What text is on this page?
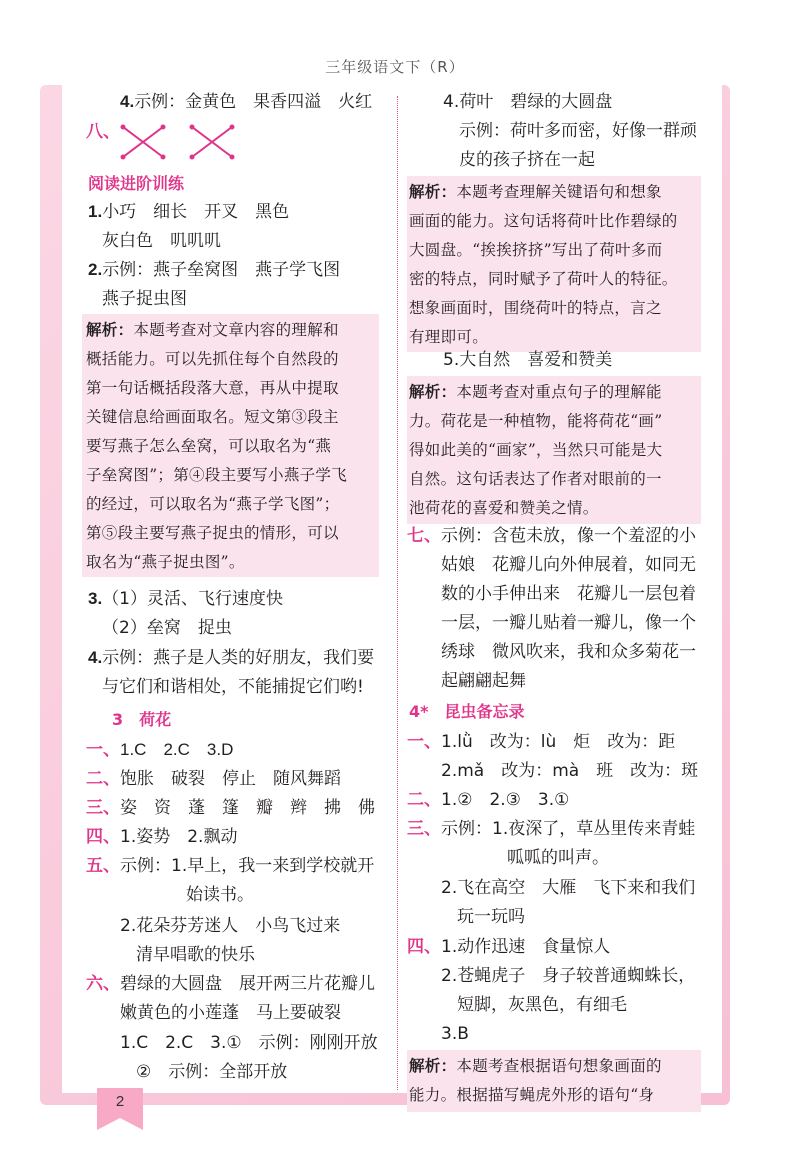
三年级语文下（R）
4.示例：金黄色　果香四溢　火红
八、
阅读进阶训练
1.小巧　细长　开叉　黑色
灰白色　叽叽叽
2.示例：燕子垒窝图　燕子学飞图
燕子捉虫图
解析：本题考查对文章内容的理解和
概括能力。可以先抓住每个自然段的
第一句话概括段落大意，再从中提取
关键信息给画面取名。短文第③段主
要写燕子怎么垒窝，可以取名为“燕
子垒窝图”；第④段主要写小燕子学飞
的经过，可以取名为“燕子学飞图”；
第⑤段主要写燕子捉虫的情形，可以
取名为“燕子捉虫图”。
3.（1）灵活、飞行速度快
（2）垒窝　捉虫
4.示例：燕子是人类的好朋友，我们要
与它们和谐相处，不能捕捉它们哟!
3　荷花
一、 1.C　2.C　3.D
二、 饱胀　破裂　停止　随风舞蹈
三、 姿　资　蓬　篷　瓣　辫　拂　佛
四、 1.姿势　2.飘动
五、 示例：1.早上，我一来到学校就开
始读书。
2.花朵芬芳迷人　小鸟飞过来
清早唱歌的快乐
六、 碧绿的大圆盘　展开两三片花瓣儿
嫩黄色的小莲蓬　马上要破裂
1.C　2.C　3.①　示例：刚刚开放
②　示例：全部开放
4.荷叶　碧绿的大圆盘
示例：荷叶多而密，好像一群顽
皮的孩子挤在一起
解析：本题考查理解关键语句和想象
画面的能力。这句话将荷叶比作碧绿的
大圆盘。“挨挨挤挤”写出了荷叶多而
密的特点，同时赋予了荷叶人的特征。
想象画面时，围绕荷叶的特点，言之
有理即可。
5.大自然　喜爱和赞美
解析：本题考查对重点句子的理解能
力。荷花是一种植物，能将荷花“画”
得如此美的“画家”，当然只可能是大
自然。这句话表达了作者对眼前的一
池荷花的喜爱和赞美之情。
七、 示例：含苞未放，像一个羞涩的小
姑娘　花瓣儿向外伸展着，如同无
数的小手伸出来　花瓣儿一层包着
一层，一瓣儿贴着一瓣儿，像一个
绣球　微风吹来，我和众多菊花一
起翩翩起舞
4*　昆虫备忘录
一、 1.lǜ　改为：lù　炬　改为：距
2.mǎ　改为：mà　班　改为：斑
二、 1.②　2.③　3.①
三、 示例：1.夜深了，草丛里传来青蛙
呱呱的叫声。
2.飞在高空　大雁　飞下来和我们
玩一玩吗
四、 1.动作迅速　食量惊人
2.苍蝇虎子　身子较普通蜘蛛长，
短脚，灰黑色，有细毛
3.B
解析：本题考查根据语句想象画面的
能力。根据描写蝇虎外形的语句“身
2
